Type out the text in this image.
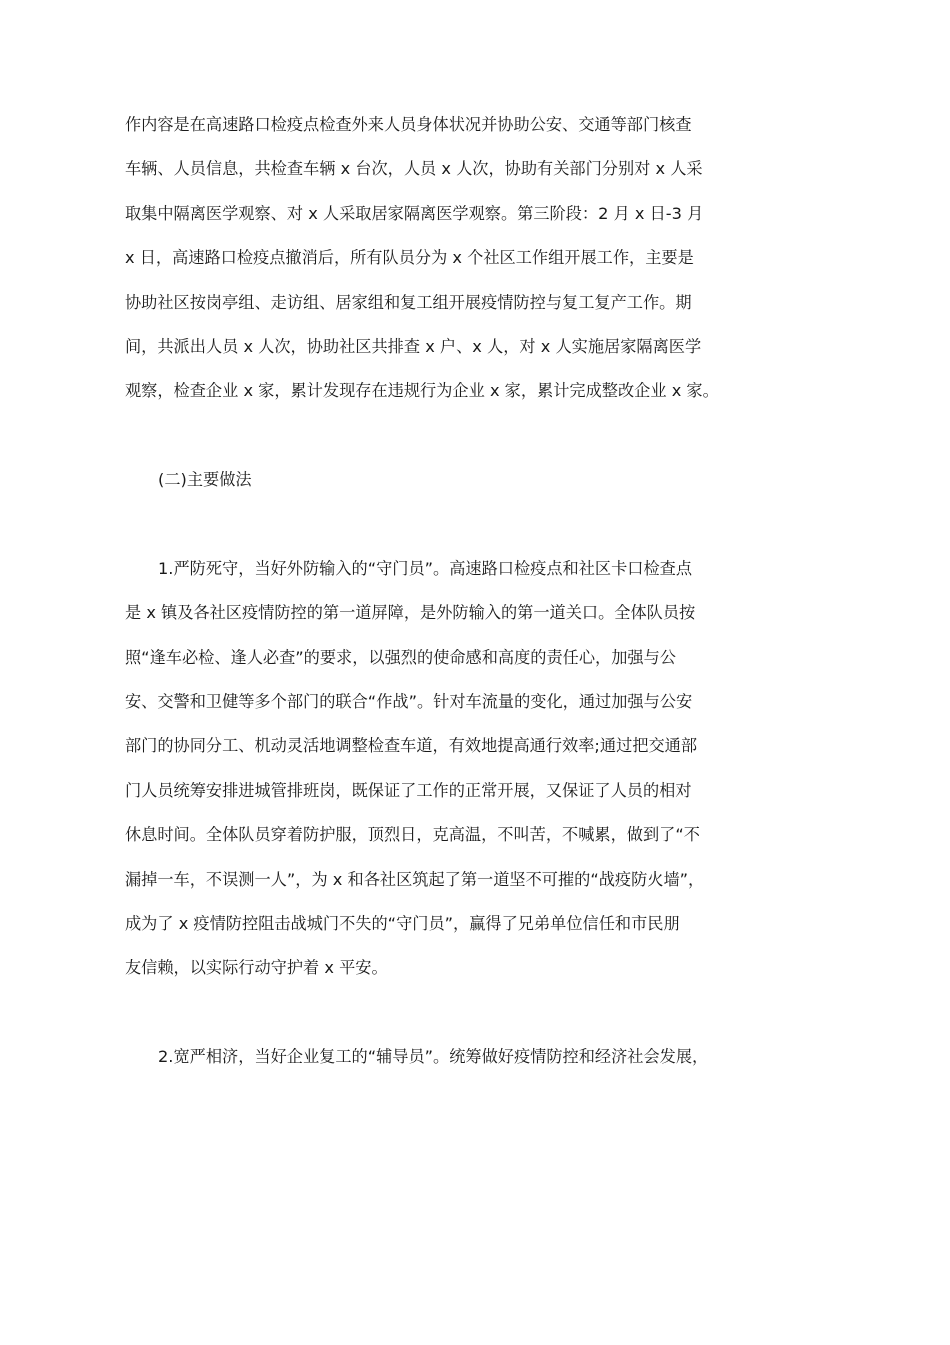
作内容是在高速路口检疫点检查外来人员身体状况并协助公安、交通等部门核查
车辆、人员信息，共检查车辆 x 台次，人员 x 人次，协助有关部门分别对 x 人采
取集中隔离医学观察、对 x 人采取居家隔离医学观察。第三阶段：2 月 x 日-3 月
x 日，高速路口检疫点撤消后，所有队员分为 x 个社区工作组开展工作，主要是
协助社区按岗亭组、走访组、居家组和复工组开展疫情防控与复工复产工作。期
间，共派出人员 x 人次，协助社区共排查 x 户、x 人，对 x 人实施居家隔离医学
观察，检查企业 x 家，累计发现存在违规行为企业 x 家，累计完成整改企业 x 家。
(二)主要做法
1.严防死守，当好外防输入的“守门员”。高速路口检疫点和社区卡口检查点
是 x 镇及各社区疫情防控的第一道屏障，是外防输入的第一道关口。全体队员按
照“逢车必检、逢人必查”的要求，以强烈的使命感和高度的责任心，加强与公
安、交警和卫健等多个部门的联合“作战”。针对车流量的变化，通过加强与公安
部门的协同分工、机动灵活地调整检查车道，有效地提高通行效率;通过把交通部
门人员统筹安排进城管排班岗，既保证了工作的正常开展，又保证了人员的相对
休息时间。全体队员穿着防护服，顶烈日，克高温，不叫苦，不喊累，做到了“不
漏掉一车，不误测一人”，为 x 和各社区筑起了第一道坚不可摧的“战疫防火墙”，
成为了 x 疫情防控阻击战城门不失的“守门员”，赢得了兄弟单位信任和市民朋
友信赖，以实际行动守护着 x 平安。
2.宽严相济，当好企业复工的“辅导员”。统筹做好疫情防控和经济社会发展，
